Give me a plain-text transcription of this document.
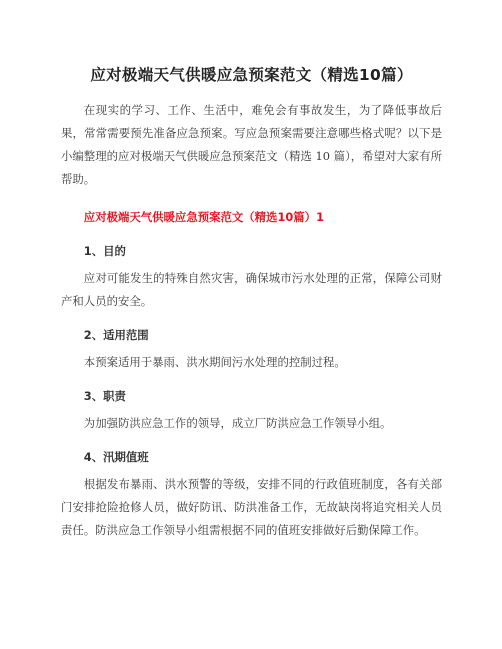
应对极端天气供暖应急预案范文（精选10篇）

在现实的学习、工作、生活中，难免会有事故发生，为了降低事故后果，常常需要预先准备应急预案。写应急预案需要注意哪些格式呢？以下是小编整理的应对极端天气供暖应急预案范文（精选 10 篇），希望对大家有所帮助。

应对极端天气供暖应急预案范文（精选10篇）1

1、目的

应对可能发生的特殊自然灾害，确保城市污水处理的正常，保障公司财产和人员的安全。

2、适用范围

本预案适用于暴雨、洪水期间污水处理的控制过程。

3、职责

为加强防洪应急工作的领导，成立厂防洪应急工作领导小组。

4、汛期值班

根据发布暴雨、洪水预警的等级，安排不同的行政值班制度，各有关部门安排抢险抢修人员，做好防讯、防洪准备工作，无故缺岗将追究相关人员责任。防洪应急工作领导小组需根据不同的值班安排做好后勤保障工作。
